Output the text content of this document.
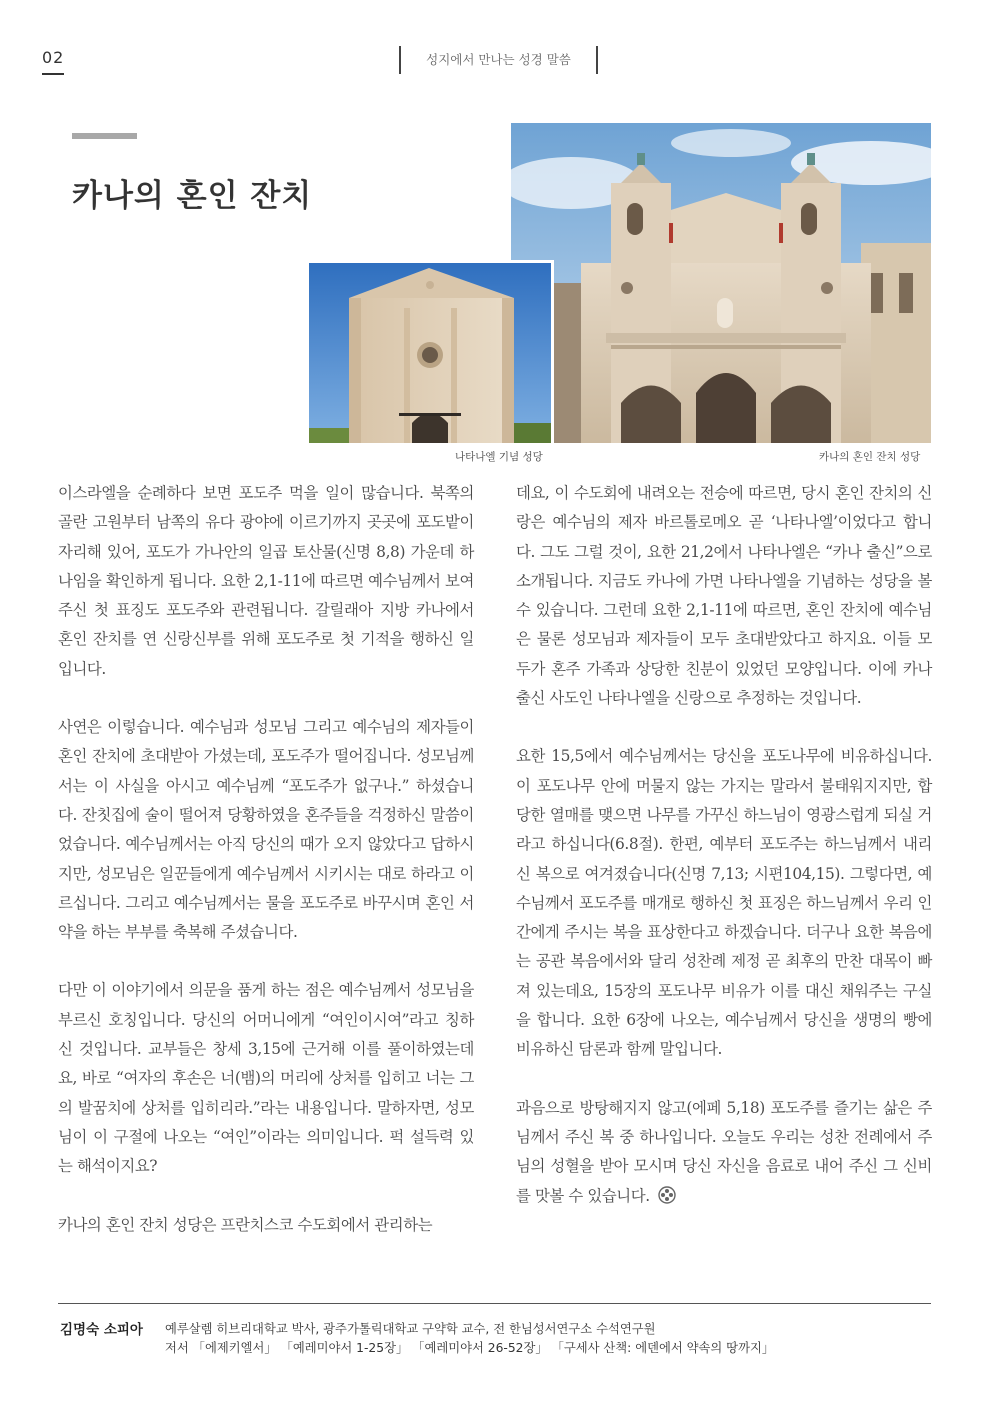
02	성지에서 만나는 성경 말씀
카나의 혼인 잔치
나타나엘 기념 성당	카나의 혼인 잔치 성당

이스라엘을 순례하다 보면 포도주 먹을 일이 많습니다. 북쪽의 골란 고원부터 남쪽의 유다 광야에 이르기까지 곳곳에 포도밭이 자리해 있어, 포도가 가나안의 일곱 토산물(신명 8,8) 가운데 하나임을 확인하게 됩니다. 요한 2,1-11에 따르면 예수님께서 보여주신 첫 표징도 포도주와 관련됩니다. 갈릴래아 지방 카나에서 혼인 잔치를 연 신랑신부를 위해 포도주로 첫 기적을 행하신 일입니다.

사연은 이렇습니다. 예수님과 성모님 그리고 예수님의 제자들이 혼인 잔치에 초대받아 가셨는데, 포도주가 떨어집니다. 성모님께서는 이 사실을 아시고 예수님께 “포도주가 없구나.” 하셨습니다. 잔칫집에 술이 떨어져 당황하였을 혼주들을 걱정하신 말씀이었습니다. 예수님께서는 아직 당신의 때가 오지 않았다고 답하시지만, 성모님은 일꾼들에게 예수님께서 시키시는 대로 하라고 이르십니다. 그리고 예수님께서는 물을 포도주로 바꾸시며 혼인 서약을 하는 부부를 축복해 주셨습니다.

다만 이 이야기에서 의문을 품게 하는 점은 예수님께서 성모님을 부르신 호칭입니다. 당신의 어머니에게 “여인이시여”라고 칭하신 것입니다. 교부들은 창세 3,15에 근거해 이를 풀이하였는데요, 바로 “여자의 후손은 너(뱀)의 머리에 상처를 입히고 너는 그의 발꿈치에 상처를 입히리라.”라는 내용입니다. 말하자면, 성모님이 이 구절에 나오는 “여인”이라는 의미입니다. 퍽 설득력 있는 해석이지요?

카나의 혼인 잔치 성당은 프란치스코 수도회에서 관리하는

데요, 이 수도회에 내려오는 전승에 따르면, 당시 혼인 잔치의 신랑은 예수님의 제자 바르톨로메오 곧 ‘나타나엘’이었다고 합니다. 그도 그럴 것이, 요한 21,2에서 나타나엘은 “카나 출신”으로 소개됩니다. 지금도 카나에 가면 나타나엘을 기념하는 성당을 볼 수 있습니다. 그런데 요한 2,1-11에 따르면, 혼인 잔치에 예수님은 물론 성모님과 제자들이 모두 초대받았다고 하지요. 이들 모두가 혼주 가족과 상당한 친분이 있었던 모양입니다. 이에 카나 출신 사도인 나타나엘을 신랑으로 추정하는 것입니다.

요한 15,5에서 예수님께서는 당신을 포도나무에 비유하십니다. 이 포도나무 안에 머물지 않는 가지는 말라서 불태워지지만, 합당한 열매를 맺으면 나무를 가꾸신 하느님이 영광스럽게 되실 거라고 하십니다(6.8절). 한편, 예부터 포도주는 하느님께서 내리신 복으로 여겨졌습니다(신명 7,13; 시편104,15). 그렇다면, 예수님께서 포도주를 매개로 행하신 첫 표징은 하느님께서 우리 인간에게 주시는 복을 표상한다고 하겠습니다. 더구나 요한 복음에는 공관 복음에서와 달리 성찬례 제정 곧 최후의 만찬 대목이 빠져 있는데요, 15장의 포도나무 비유가 이를 대신 채워주는 구실을 합니다. 요한 6장에 나오는, 예수님께서 당신을 생명의 빵에 비유하신 담론과 함께 말입니다.

과음으로 방탕해지지 않고(에페 5,18) 포도주를 즐기는 삶은 주님께서 주신 복 중 하나입니다. 오늘도 우리는 성찬 전례에서 주님의 성혈을 받아 모시며 당신 자신을 음료로 내어 주신 그 신비를 맛볼 수 있습니다.

김명숙 소피아 예루살렘 히브리대학교 박사, 광주가톨릭대학교 구약학 교수, 전 한님성서연구소 수석연구원
저서 「에제키엘서」 「예레미야서 1-25장」 「예레미야서 26-52장」 「구세사 산책: 에덴에서 약속의 땅까지」
